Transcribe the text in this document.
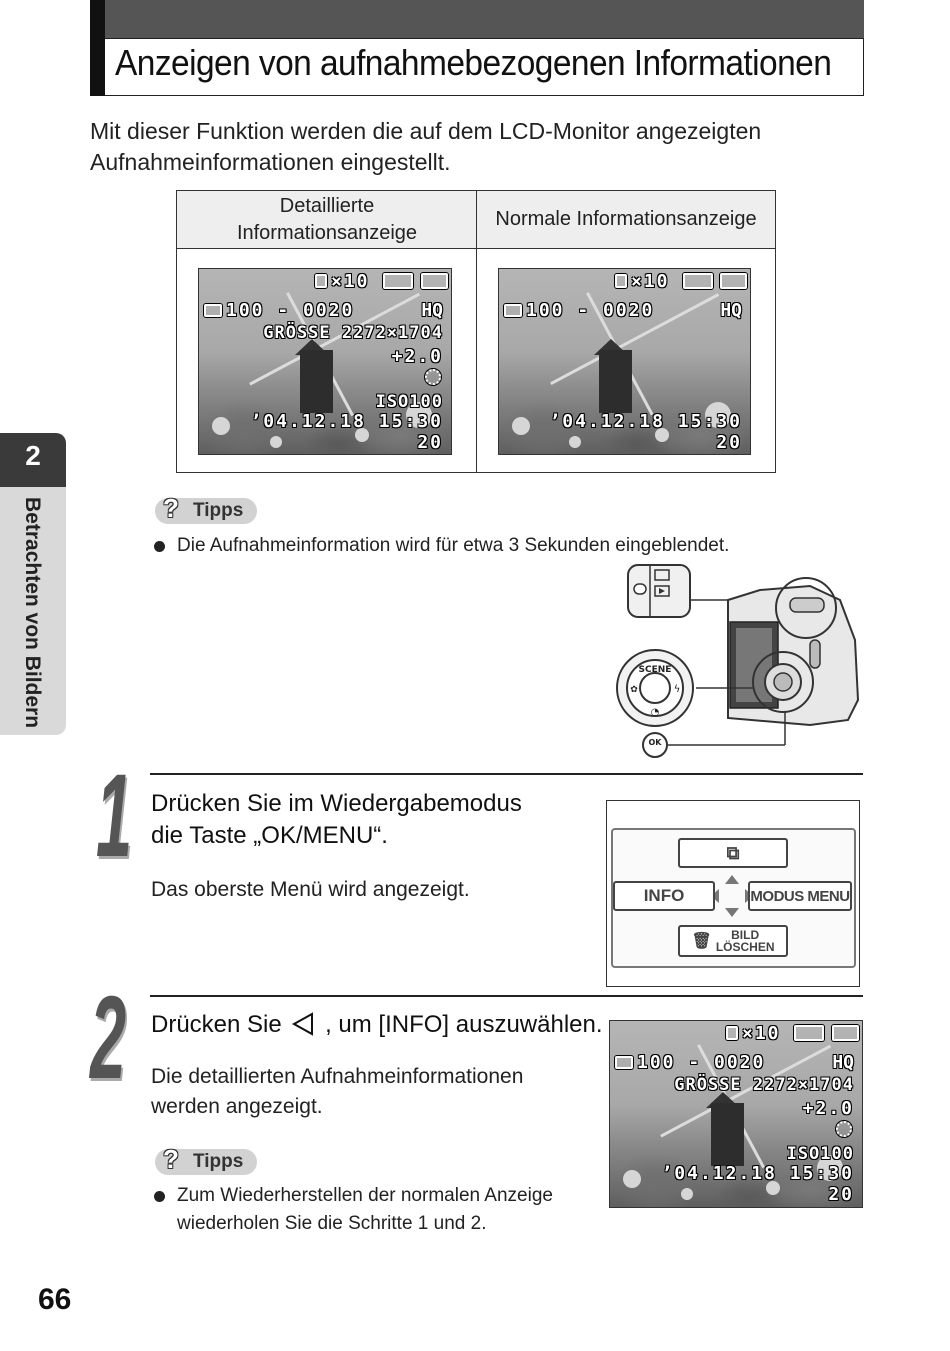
Anzeigen von aufnahmebezogenen Informationen
Mit dieser Funktion werden die auf dem LCD-Monitor angezeigten Aufnahmeinformationen eingestellt.
Detaillierte
Informationsanzeige
Normale Informationsanzeige
×10
100 - 0020	HQ
GRÖSSE 2272×1704
+2.0
ISO100
’04.12.18 15:30
20
×10
100 - 0020	HQ
’04.12.18 15:30
20
2
Betrachten von Bildern	? Tipps
Die Aufnahmeinformation wird für etwa 3 Sekunden eingeblendet.
SCENE
✿	ϟ
◔
OK
1 Drücken Sie im Wiedergabemodus
die Taste „OK/MENU“.
Das oberste Menü wird angezeigt.
⧉
INFO	MODUS MENU
🗑	BILD
LÖSCHEN
2 Drücken Sie , um [INFO] auszuwählen.
Die detaillierten Aufnahmeinformationen
werden angezeigt.
×10
100 - 0020	HQ
GRÖSSE 2272×1704
+2.0
ISO100
’04.12.18 15:30
20
? Tipps
Zum Wiederherstellen der normalen Anzeige
wiederholen Sie die Schritte 1 und 2.
66
